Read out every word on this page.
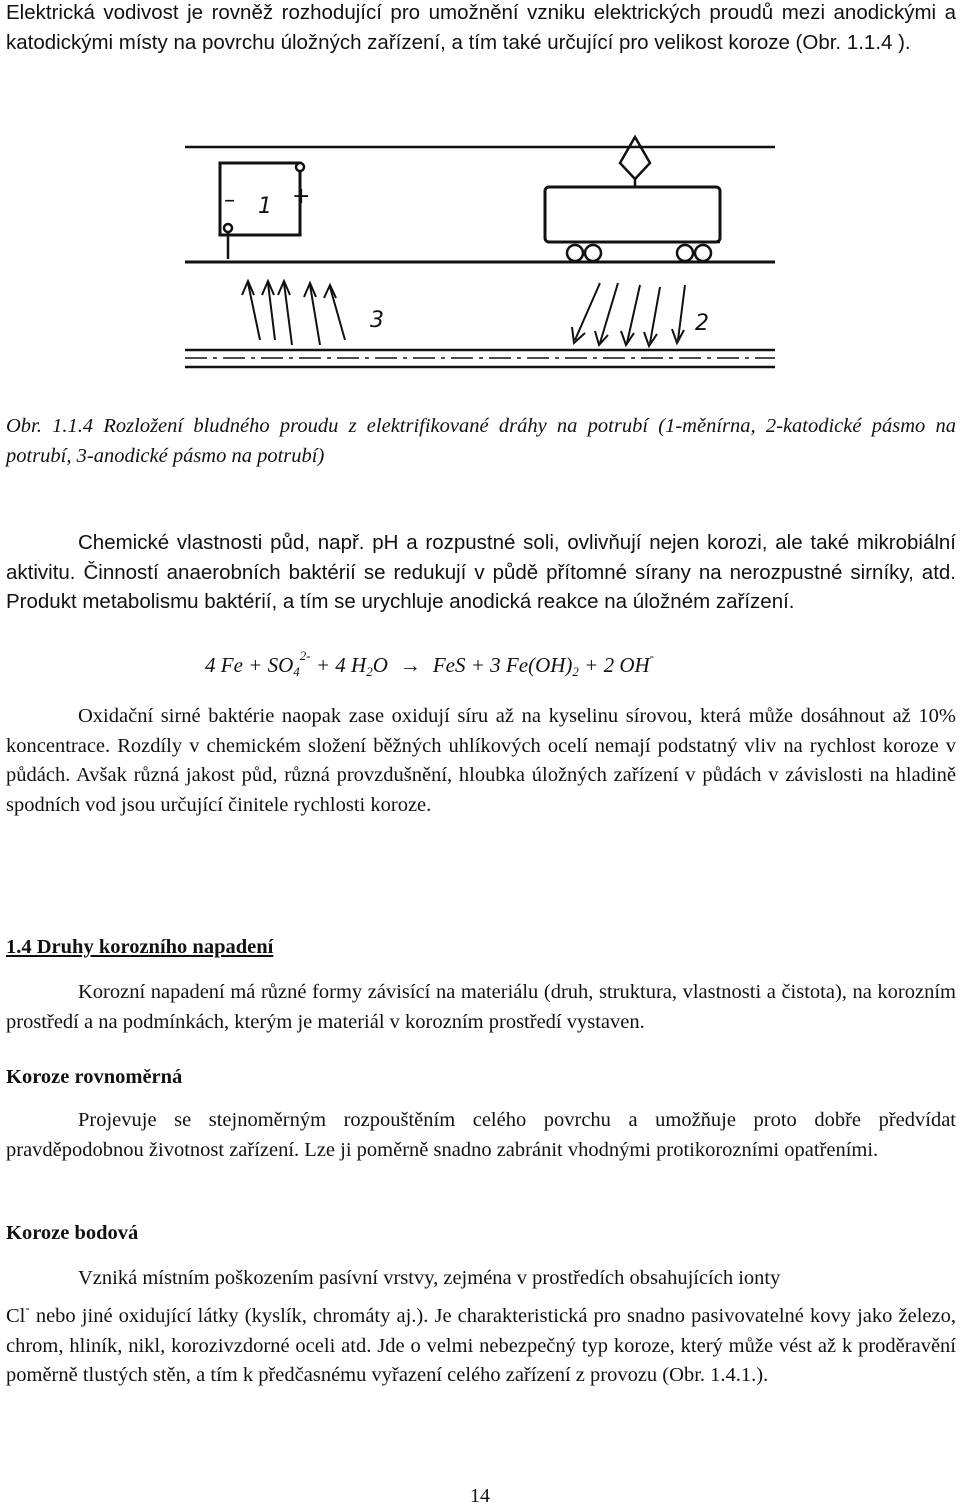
Elektrická vodivost je rovněž rozhodující pro umožnění vzniku elektrických proudů mezi anodickými a katodickými místy na povrchu úložných zařízení, a tím také určující pro velikost koroze (Obr. 1.1.4 ).

1 +
–
3	2

Obr. 1.1.4 Rozložení bludného proudu z elektrifikované dráhy na potrubí (1-měnírna, 2-katodické pásmo na potrubí, 3-anodické pásmo na potrubí)

Chemické vlastnosti půd, např. pH a rozpustné soli, ovlivňují nejen korozi, ale také mikrobiální aktivitu. Činností anaerobních baktérií se redukují v půdě přítomné sírany na nerozpustné sirníky, atd. Produkt metabolismu baktérií, a tím se urychluje anodická reakce na úložném zařízení.

4 $Fe + SO_4^{2-} + 4$ $H_2O$ → FeS + 3 $Fe(OH)_2 + 2$ OH-

Oxidační sirné baktérie naopak zase oxidují síru až na kyselinu sírovou, která může dosáhnout až 10% koncentrace. Rozdíly v chemickém složení běžných uhlíkových ocelí nemají podstatný vliv na rychlost koroze v půdách. Avšak různá jakost půd, různá provzdušnění, hloubka úložných zařízení v půdách v závislosti na hladině spodních vod jsou určující činitele rychlosti koroze.

1.4 Druhy korozního napadení

Korozní napadení má různé formy závisící na materiálu (druh, struktura, vlastnosti a čistota), na korozním prostředí a na podmínkách, kterým je materiál v korozním prostředí vystaven.

Koroze rovnoměrná

Projevuje se stejnoměrným rozpouštěním celého povrchu a umožňuje proto dobře předvídat pravděpodobnou životnost zařízení. Lze ji poměrně snadno zabránit vhodnými protikorozními opatřeními.

Koroze bodová

Vzniká místním poškozením pasívní vrstvy, zejména v prostředích obsahujících ionty

Cl- nebo jiné oxidující látky (kyslík, chromáty aj.). Je charakteristická pro snadno pasivovatelné kovy jako železo, chrom, hliník, nikl, korozivzdorné oceli atd. Jde o velmi nebezpečný typ koroze, který může vést až k proděravění poměrně tlustých stěn, a tím k předčasnému vyřazení celého zařízení z provozu (Obr. 1.4.1.).

14
